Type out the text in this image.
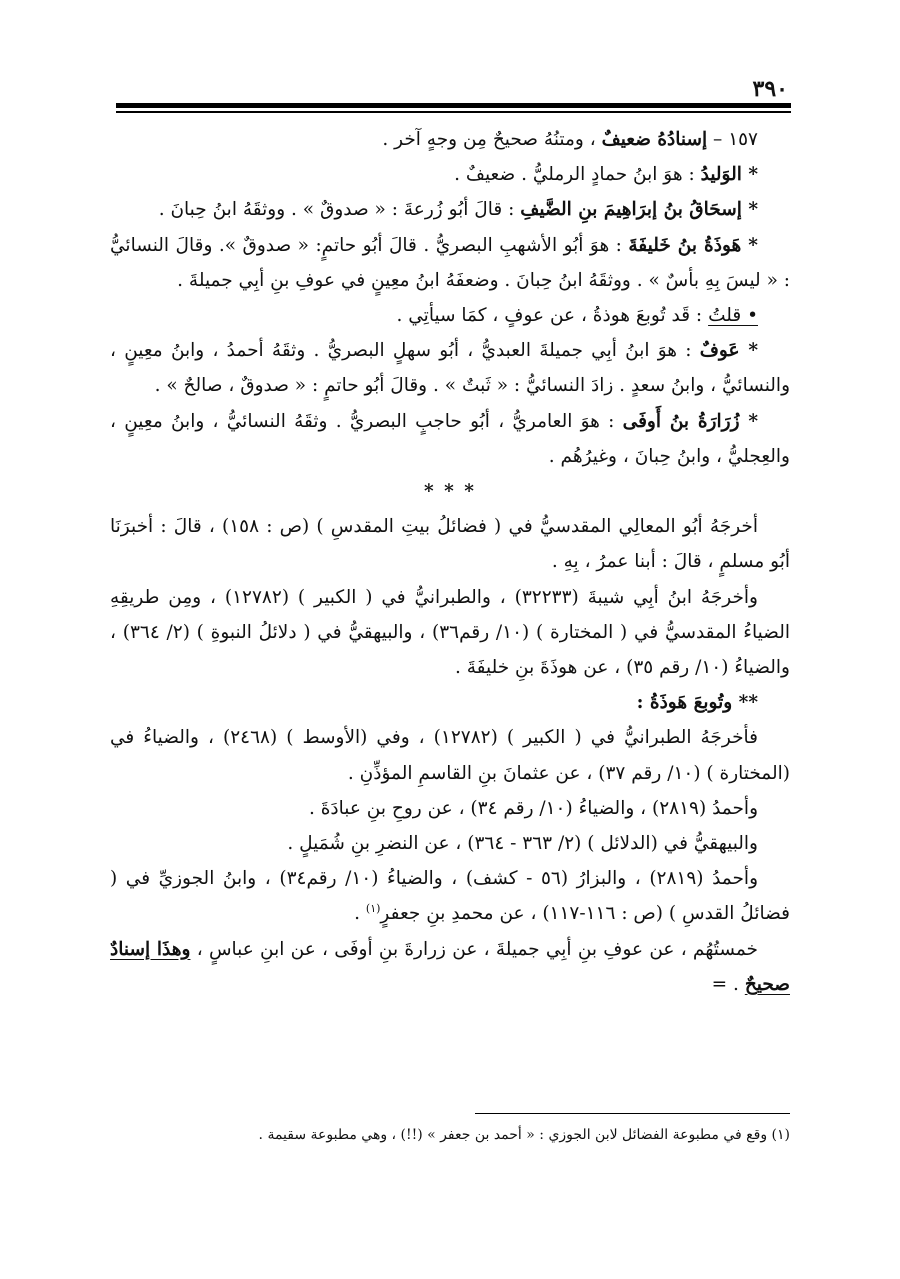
٣٩٠

١٥٧ – إسنادُهُ ضعيفٌ ، ومتنُهُ صحيحٌ مِن وجهٍ آخر .

* الوَليدُ : هوَ ابنُ حمادٍ الرمليُّ . ضعيفٌ .

* إسحَاقُ بنُ إبرَاهِيمَ بنِ الضَّيفِ : قالَ أبُو زُرعةَ : « صدوقٌ » . ووثقَهُ ابنُ حِبانَ .

* هَوذَةُ بنُ خَليفَةَ : هوَ أبُو الأشهبِ البصريُّ . قالَ أبُو حاتمٍ: « صدوقٌ ». وقالَ النسائيُّ : « ليسَ بِهِ بأسٌ » . ووثقَهُ ابنُ حِبانَ . وضعفَهُ ابنُ معِينٍ في عوفِ بنِ أبِي جميلةَ .

• قلتُ : قَد تُوبعَ هوذةُ ، عن عوفٍ ، كمَا سيأتِي .

* عَوفٌ : هوَ ابنُ أبِي جميلةَ العبديُّ ، أبُو سهلٍ البصريُّ . وثقَهُ أحمدُ ، وابنُ معِينٍ ، والنسائيُّ ، وابنُ سعدٍ . زادَ النسائيُّ : « ثَبتٌ » . وقالَ أبُو حاتمٍ : « صدوقٌ ، صالحٌ » .

* زُرَارَةُ بنُ أَوفَى : هوَ العامريُّ ، أبُو حاجبٍ البصريُّ . وثقَهُ النسائيُّ ، وابنُ معِينٍ ، والعِجليُّ ، وابنُ حِبانَ ، وغيرُهُم .

* * *

أخرجَهُ أبُو المعالِي المقدسيُّ في ( فضائلُ بيتِ المقدسِ ) (ص : ١٥٨) ، قالَ : أخبرَنَا أبُو مسلمٍ ، قالَ : أبنا عمرُ ، بِهِ .

وأخرجَهُ ابنُ أبِي شيبةَ (٣٢٢٣٣) ، والطبرانيُّ في ( الكبير ) (١٢٧٨٢) ، ومِن طريقِهِ الضياءُ المقدسيُّ في ( المختارة ) (١٠/ رقم٣٦) ، والبيهقيُّ في ( دلائلُ النبوةِ ) (٢/ ٣٦٤) ، والضياءُ (١٠/ رقم ٣٥) ، عن هوذَةَ بنِ خليفَةَ .

** وتُوبعَ هَوذَةُ :

فأخرجَهُ الطبرانيُّ في ( الكبير ) (١٢٧٨٢) ، وفي (الأوسط ) (٢٤٦٨) ، والضياءُ في (المختارة ) (١٠/ رقم ٣٧) ، عن عثمانَ بنِ القاسمِ المؤذِّنِ .

وأحمدُ (٢٨١٩) ، والضياءُ (١٠/ رقم ٣٤) ، عن روحِ بنِ عبادَةَ .

والبيهقيُّ في (الدلائل ) (٢/ ٣٦٣ - ٣٦٤) ، عن النضرِ بنِ شُمَيلٍ .

وأحمدُ (٢٨١٩) ، والبزارُ (٥٦ - كشف) ، والضياءُ (١٠/ رقم٣٤) ، وابنُ الجوزيِّ في ( فضائلُ القدسِ ) (ص : ١١٦-١١٧) ، عن محمدِ بنِ جعفرٍ$^{(١)}$ .

خمستُهُم ، عن عوفِ بنِ أبِي جميلةَ ، عن زرارةَ بنِ أوفَى ، عن ابنِ عباسٍ ، وهذَا إسنادٌ صحيحٌ . =

(١) وقع في مطبوعة الفضائل لابن الجوزي : « أحمد بن جعفر » (!!) ، وهي مطبوعة سقيمة .
